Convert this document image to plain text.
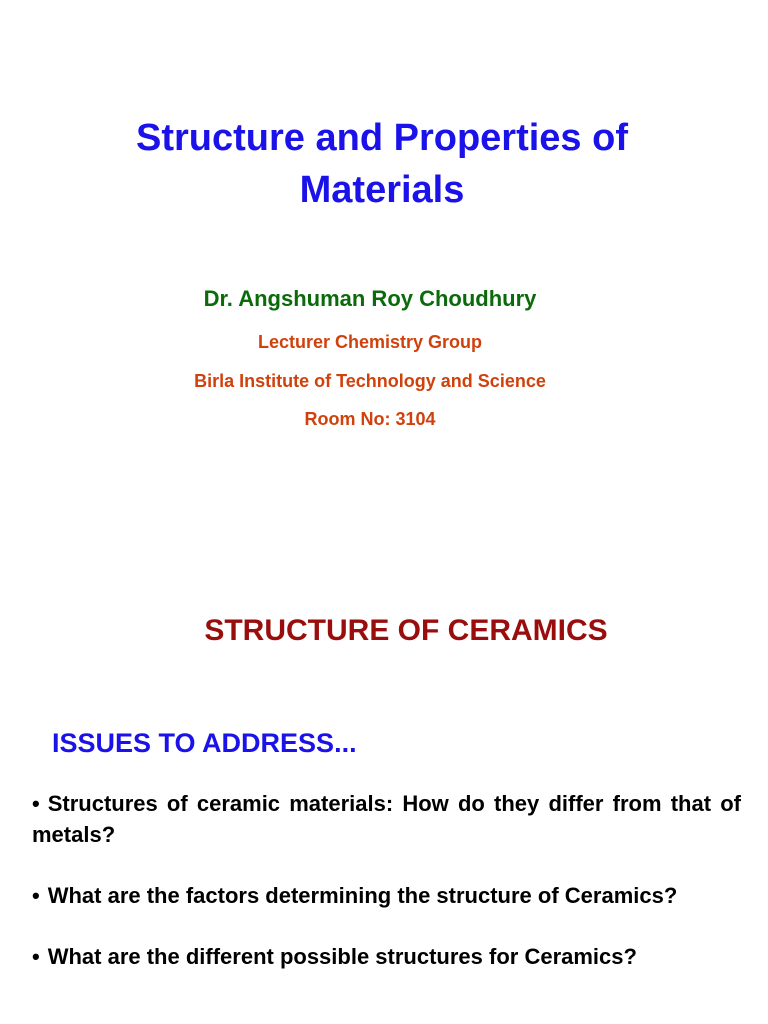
Structure and Properties of Materials

Dr. Angshuman Roy Choudhury

Lecturer Chemistry Group

Birla Institute of Technology and Science

Room No: 3104

STRUCTURE OF CERAMICS
ISSUES TO ADDRESS...
• Structures of ceramic materials: How do they differ from that of metals?
• What are the factors determining the structure of Ceramics?
• What are the different possible structures for Ceramics?
